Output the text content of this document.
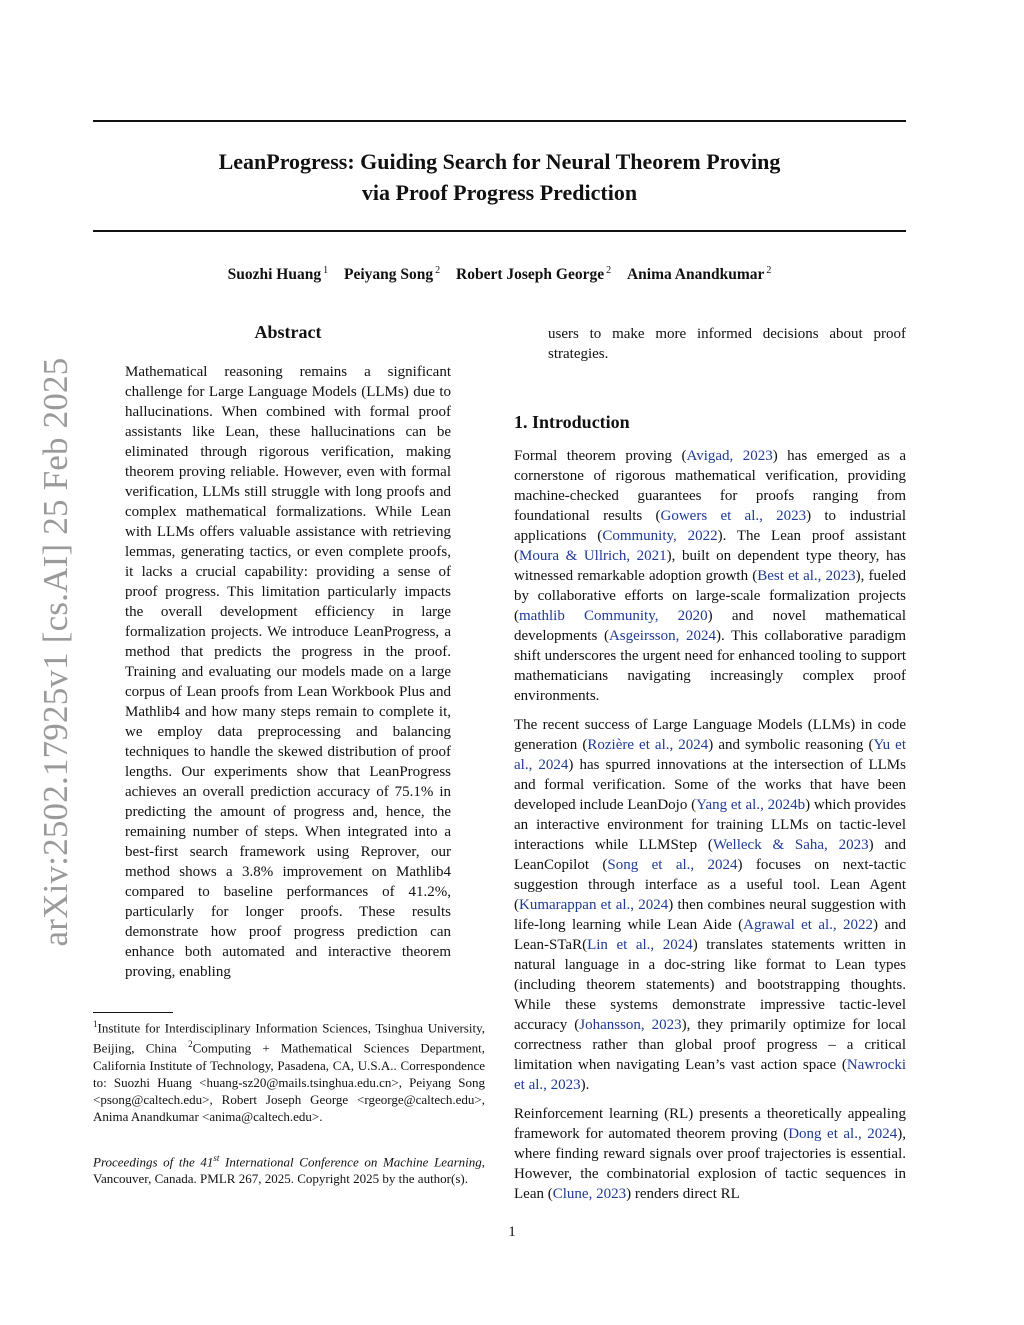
arXiv:2502.17925v1 [cs.AI] 25 Feb 2025
LeanProgress: Guiding Search for Neural Theorem Proving
via Proof Progress Prediction
Suozhi Huang $^1$ Peiyang Song $^2$ Robert Joseph George $^2$ Anima Anandkumar $^2$
Abstract

Mathematical reasoning remains a significant challenge for Large Language Models (LLMs) due to hallucinations. When combined with formal proof assistants like Lean, these hallucinations can be eliminated through rigorous verification, making theorem proving reliable. However, even with formal verification, LLMs still struggle with long proofs and complex mathematical formalizations. While Lean with LLMs offers valuable assistance with retrieving lemmas, generating tactics, or even complete proofs, it lacks a crucial capability: providing a sense of proof progress. This limitation particularly impacts the overall development efficiency in large formalization projects. We introduce LeanProgress, a method that predicts the progress in the proof. Training and evaluating our models made on a large corpus of Lean proofs from Lean Workbook Plus and Mathlib4 and how many steps remain to complete it, we employ data preprocessing and balancing techniques to handle the skewed distribution of proof lengths. Our experiments show that LeanProgress achieves an overall prediction accuracy of 75.1% in predicting the amount of progress and, hence, the remaining number of steps. When integrated into a best-first search framework using Reprover, our method shows a 3.8% improvement on Mathlib4 compared to baseline performances of 41.2%, particularly for longer proofs. These results demonstrate how proof progress prediction can enhance both automated and interactive theorem proving, enabling

users to make more informed decisions about proof strategies.

1. Introduction

Formal theorem proving (Avigad, 2023) has emerged as a cornerstone of rigorous mathematical verification, providing machine-checked guarantees for proofs ranging from foundational results (Gowers et al., 2023) to industrial applications (Community, 2022). The Lean proof assistant (Moura & Ullrich, 2021), built on dependent type theory, has witnessed remarkable adoption growth (Best et al., 2023), fueled by collaborative efforts on large-scale formalization projects (mathlib Community, 2020) and novel mathematical developments (Asgeirsson, 2024). This collaborative paradigm shift underscores the urgent need for enhanced tooling to support mathematicians navigating increasingly complex proof environments.

The recent success of Large Language Models (LLMs) in code generation (Rozière et al., 2024) and symbolic reasoning (Yu et al., 2024) has spurred innovations at the intersection of LLMs and formal verification. Some of the works that have been developed include LeanDojo (Yang et al., 2024b) which provides an interactive environment for training LLMs on tactic-level interactions while LLMStep (Welleck & Saha, 2023) and LeanCopilot (Song et al., 2024) focuses on next-tactic suggestion through interface as a useful tool. Lean Agent (Kumarappan et al., 2024) then combines neural suggestion with life-long learning while Lean Aide (Agrawal et al., 2022) and Lean-STaR(Lin et al., 2024) translates statements written in natural language in a doc-string like format to Lean types (including theorem statements) and bootstrapping thoughts. While these systems demonstrate impressive tactic-level accuracy (Johansson, 2023), they primarily optimize for local correctness rather than global proof progress – a critical limitation when navigating Lean’s vast action space (Nawrocki et al., 2023).

Reinforcement learning (RL) presents a theoretically appealing framework for automated theorem proving (Dong et al., 2024), where finding reward signals over proof trajectories is essential. However, the combinatorial explosion of tactic sequences in Lean (Clune, 2023) renders direct RL

$^1$Institute for Interdisciplinary Information Sciences, Tsinghua University, Beijing, China $^2$Computing + Mathematical Sciences Department, California Institute of Technology, Pasadena, CA, U.S.A.. Correspondence to: Suozhi Huang <huang-sz20@mails.tsinghua.edu.cn>, Peiyang Song <psong@caltech.edu>, Robert Joseph George <rgeorge@caltech.edu>, Anima Anandkumar <anima@caltech.edu>.
Proceedings of the 41st International Conference on Machine Learning, Vancouver, Canada. PMLR 267, 2025. Copyright 2025 by the author(s).
1
